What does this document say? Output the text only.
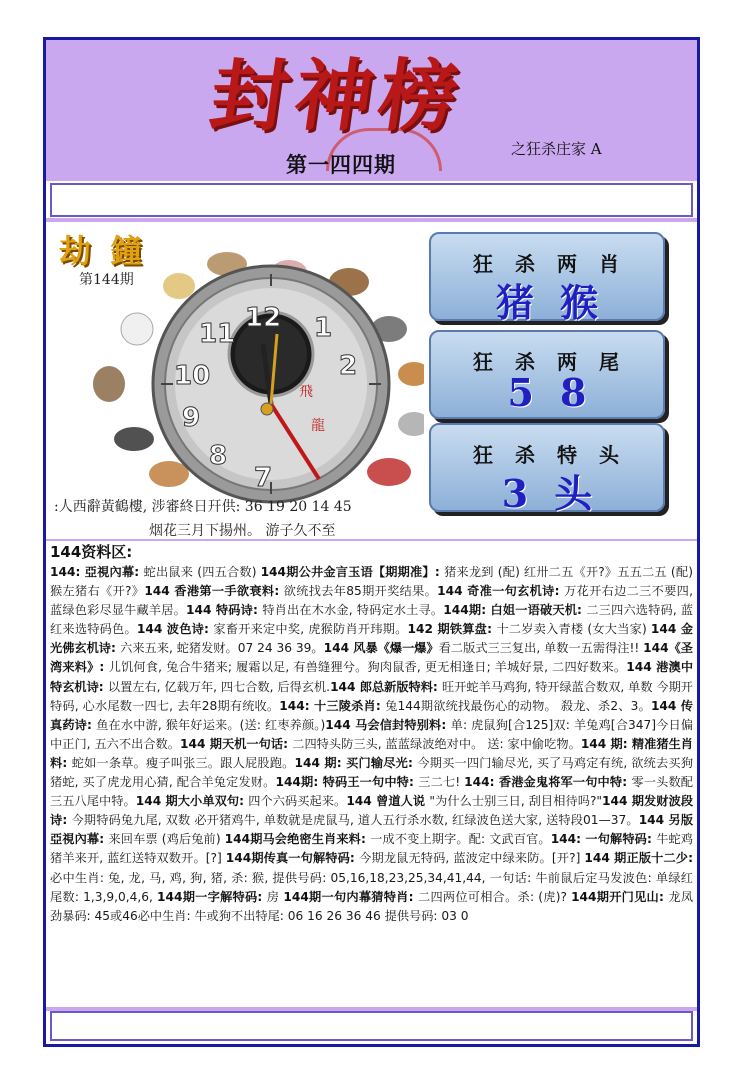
封神榜
第一四四期
之狂杀庄家 A
11
12 1
2
10
9
8
7
飛
龍
劫 鐘
第144期
:人西辭黃鶴樓, 涉審終日幵供: 36 19 20 14 45
烟花三月下揚州。 游子久不至
狂杀两肖
猪猴
狂杀两尾
58
狂杀特头
3头
144资料区:
144: 亞視內幕: 蛇出鼠来 (四五合数) 144期公井金言玉语【期期准】: 猪来龙到 (配) 红卅二五《开?》五五二五 (配) 猴左猪右《开?》144 香港第一手欲衰料: 欲统找去年85期开奖结果。144 奇准一句玄机诗: 万花开右边二三不要四, 蓝绿色彩尽显牛藏羊居。144 特码诗: 特肖出在木水金, 特码定水土寻。144期: 白姐一语破天机: 二三四六选特码, 蓝红来选特码色。144 波色诗: 家畜开来定中奖, 虎猴防肖开玮期。142 期铁算盘: 十二岁卖入青楼 (女大当家) 144 金光佛玄机诗: 六来五来, 蛇猪发财。07 24 36 39。144 风暴《爆一爆》看二版式三三复出, 单数一五需得注!! 144《圣湾来料》: 儿饥何食, 兔合牛猪来; 履霜以足, 有兽缝狸兮。狗肉鼠香, 更无相逢日; 羊城好景, 二四好数来。144 港澳中特玄机诗: 以置左右, 亿载万年, 四七合数, 后得玄机.144 郎总新版特料: 旺开蛇羊马鸡狗, 特开绿蓝合数双, 单数 今期开特码, 心水尾数一四七, 去年28期有统收。144: 十三陵杀肖: 兔144期欲统找最伤心的动物。 殺龙、杀2、3。144 传真药诗: 鱼在水中游, 猴年好运来。(送: 红枣养颜。)144 马会信封特别料: 单: 虎鼠狗[合125]双: 羊兔鸡[合347]今日偏中正门, 五六不出合数。144 期天机一句话: 二四特头防三头, 蓝蓝绿波绝对中。 送: 家中偷吃物。144 期: 精准猪生肖料: 蛇如一条草。瘦子叫张三。跟人屁股跑。144 期: 买门输尽光: 今期买一四门输尽光, 买了马鸡定有统, 欲统去买狗猪蛇, 买了虎龙用心猜, 配合羊兔定发财。144期: 特码王一句中特: 三二七! 144: 香港金鬼将军一句中特: 零一头数配三五八尾中特。144 期大小单双句: 四个六码买起来。144 曾道人说 "为什么士别三日, 刮目相待吗?"144 期发财波段诗: 今期特码兔九尾, 双数 必开猪鸡牛, 单数就是虎鼠马, 道人五行杀水数, 红绿波色送大家, 送特段01—37。144 另版亞視內幕: 来回车票 (鸡后兔前) 144期马会绝密生肖来料: 一成不变上期字。配: 文武百官。144: 一句解特码: 牛蛇鸡猪羊来开, 蓝红送特双数开。[?] 144期传真一句解特码: 今期龙鼠无特码, 蓝波定中绿来防。[开?] 144 期正版十二少: 必中生肖: 兔, 龙, 马, 鸡, 狗, 猪, 杀: 猴, 提供号码: 05,16,18,23,25,34,41,44, 一句话: 牛前鼠后定马发波色: 单绿红尾数: 1,3,9,0,4,6, 144期一字解特码: 房 144期一句内幕猜特肖: 二四两位可相合。杀: (虎)? 144期开门见山: 龙凤劲暴码: 45或46必中生肖: 牛或狗不出特尾: 06 16 26 36 46 提供号码: 03 0
